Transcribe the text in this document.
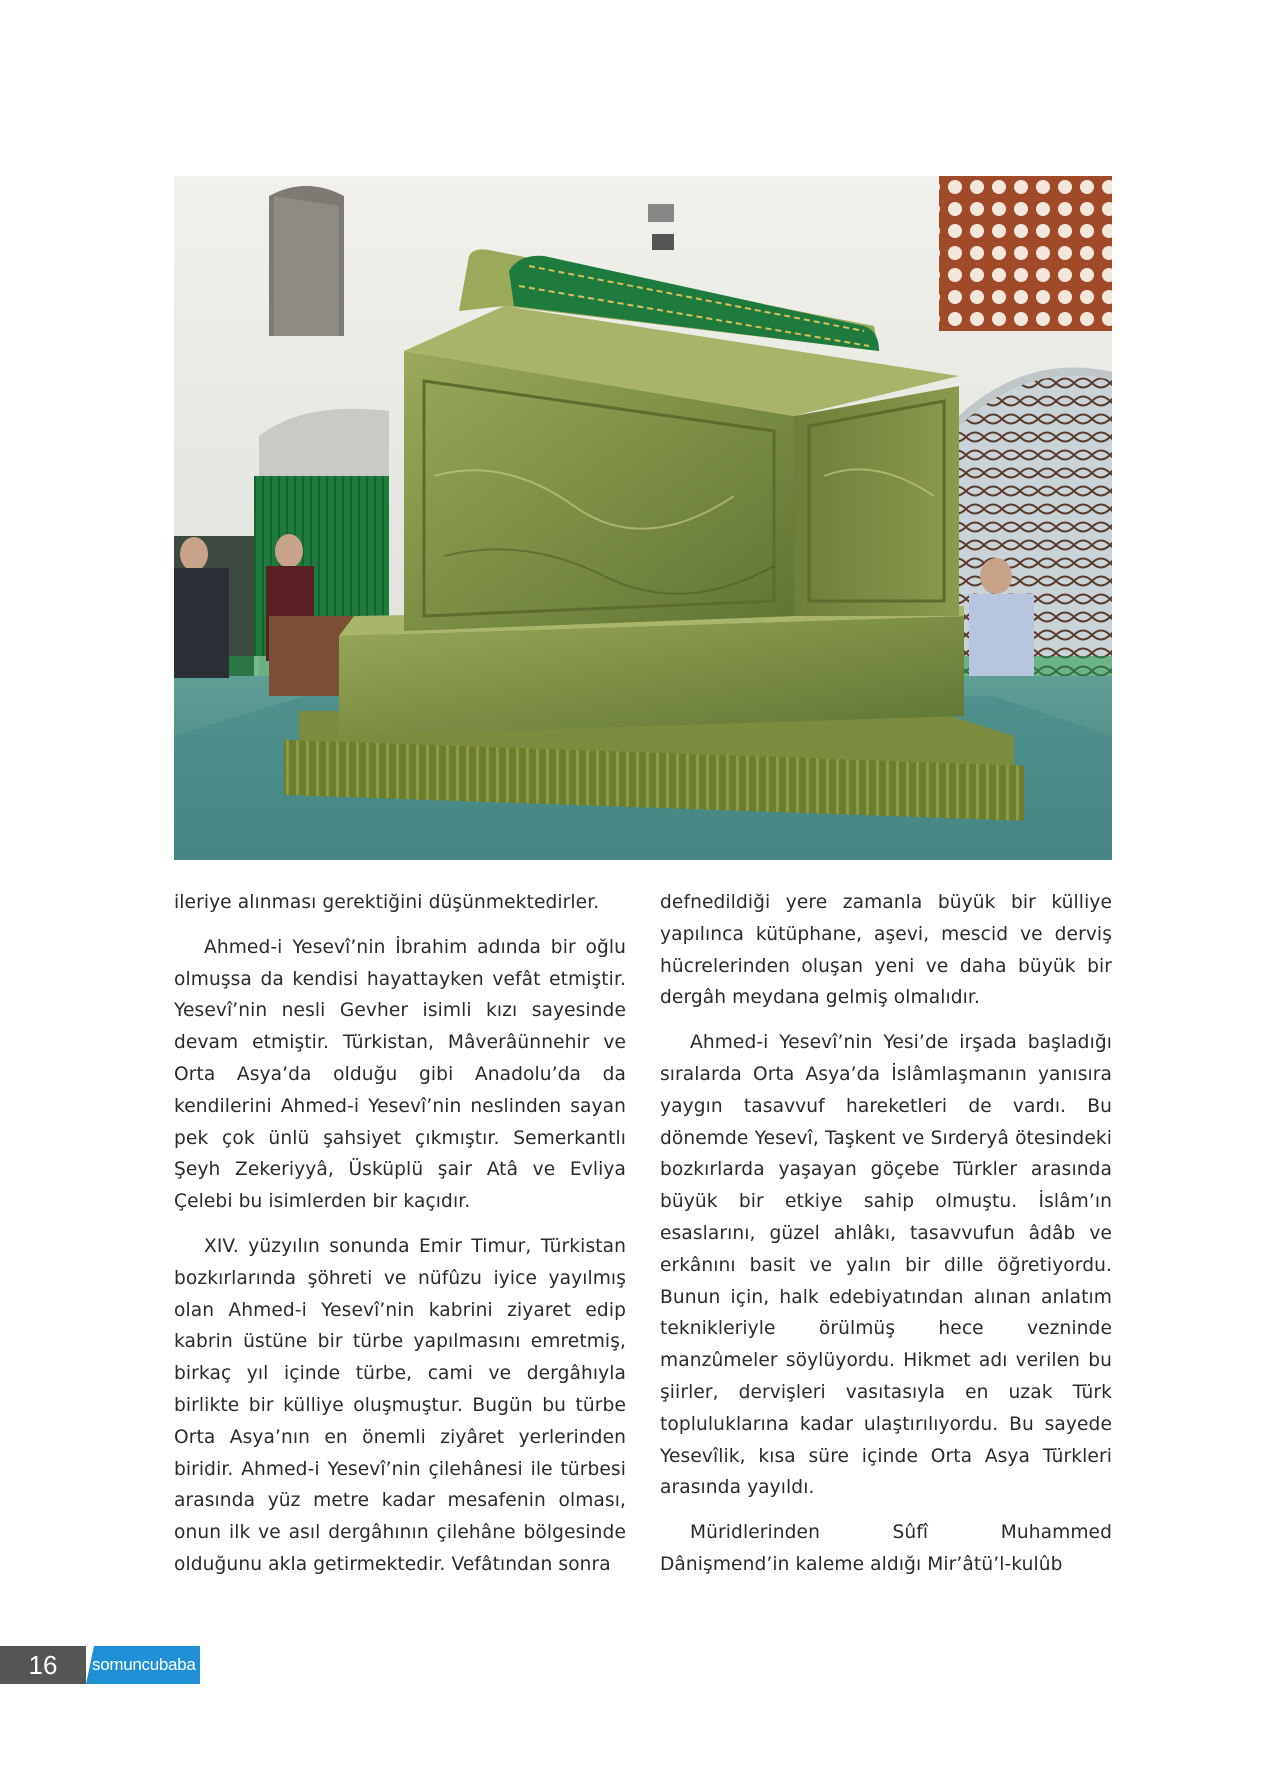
ileriye alınması gerektiğini düşünmektedirler.

Ahmed-i Yesevî’nin İbrahim adında bir oğlu olmuşsa da kendisi hayattayken vefât etmiştir. Yesevî’nin nesli Gevher isimli kızı sayesinde devam etmiştir. Türkistan, Mâverâünnehir ve Orta Asya’da olduğu gibi Anadolu’da da kendilerini Ahmed-i Yesevî’nin neslinden sayan pek çok ünlü şahsiyet çıkmıştır. Semerkantlı Şeyh Zekeriyyâ, Üsküplü şair Atâ ve Evliya Çelebi bu isimlerden bir kaçıdır.

XIV. yüzyılın sonunda Emir Timur, Türkistan bozkırlarında şöhreti ve nüfûzu iyice yayılmış olan Ahmed-i Yesevî’nin kabrini ziyaret edip kabrin üstüne bir türbe yapılmasını emretmiş, birkaç yıl içinde türbe, cami ve dergâhıyla birlikte bir külliye oluşmuştur. Bugün bu türbe Orta Asya’nın en önemli ziyâret yerlerinden biridir. Ahmed-i Yesevî’nin çilehânesi ile türbesi arasında yüz metre kadar mesafenin olması, onun ilk ve asıl dergâhının çilehâne bölgesinde olduğunu akla getirmektedir. Vefâtından sonra

defnedildiği yere zamanla büyük bir külliye yapılınca kütüphane, aşevi, mescid ve derviş hücrelerinden oluşan yeni ve daha büyük bir dergâh meydana gelmiş olmalıdır.

Ahmed-i Yesevî’nin Yesi’de irşada başladığı sıralarda Orta Asya’da İslâmlaşmanın yanısıra yaygın tasavvuf hareketleri de vardı. Bu dönemde Yesevî, Taşkent ve Sırderyâ ötesindeki bozkırlarda yaşayan göçebe Türkler arasında büyük bir etkiye sahip olmuştu. İslâm’ın esaslarını, güzel ahlâkı, tasavvufun âdâb ve erkânını basit ve yalın bir dille öğretiyordu. Bunun için, halk edebiyatından alınan anlatım teknikleriyle örülmüş hece vezninde manzûmeler söylüyordu. Hikmet adı verilen bu şiirler, dervişleri vasıtasıyla en uzak Türk topluluklarına kadar ulaştırılıyordu. Bu sayede Yesevîlik, kısa süre içinde Orta Asya Türkleri arasında yayıldı.

Müridlerinden Sûfî Muhammed Dânişmend’in kaleme aldığı Mir’âtü’l-kulûb

16	somuncubaba
